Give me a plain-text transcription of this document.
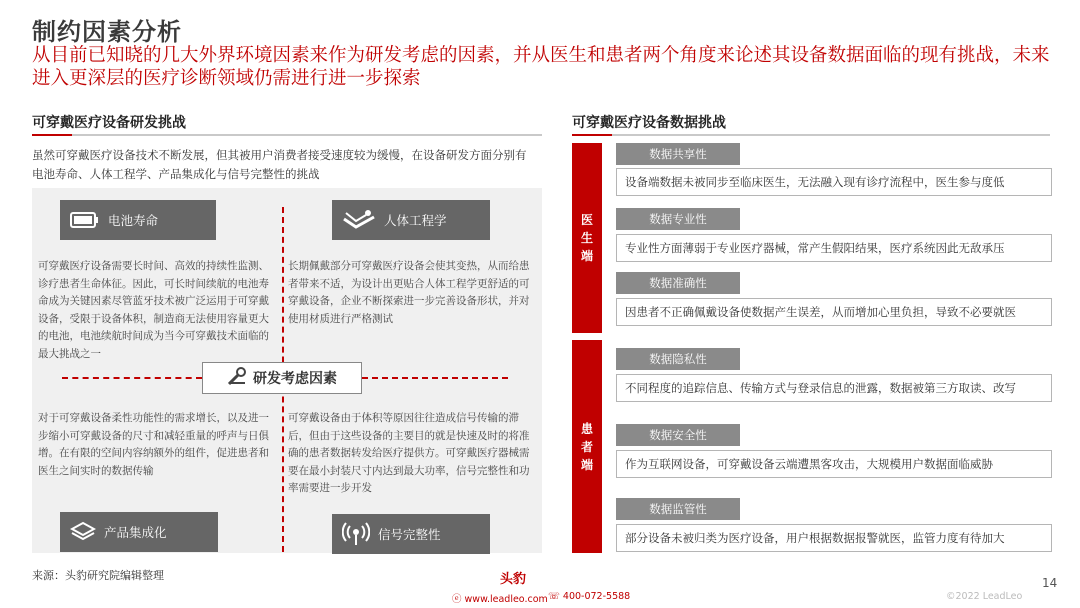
制约因素分析
从目前已知晓的几大外界环境因素来作为研发考虑的因素，并从医生和患者两个角度来论述其设备数据面临的现有挑战，未来进入更深层的医疗诊断领域仍需进行进一步探索
可穿戴医疗设备研发挑战
虽然可穿戴医疗设备技术不断发展，但其被用户消费者接受速度较为缓慢，在设备研发方面分别有电池寿命、人体工程学、产品集成化与信号完整性的挑战
电池寿命	人体工程学
产品集成化	信号完整性
可穿戴医疗设备需要长时间、高效的持续性监测、诊疗患者生命体征。因此，可长时间续航的电池寿命成为关键因素尽管蓝牙技术被广泛运用于可穿戴设备，受限于设备体积，制造商无法使用容量更大的电池，电池续航时间成为当今可穿戴技术面临的最大挑战之一
长期佩戴部分可穿戴医疗设备会使其变热，从而给患者带来不适，为设计出更贴合人体工程学更舒适的可穿戴设备，企业不断探索进一步完善设备形状，并对使用材质进行严格测试
对于可穿戴设备柔性功能性的需求增长，以及进一步缩小可穿戴设备的尺寸和减轻重量的呼声与日俱增。在有限的空间内容纳额外的组件，促进患者和医生之间实时的数据传输
可穿戴设备由于体积等原因往往造成信号传输的滞后，但由于这些设备的主要目的就是快速及时的将准确的患者数据转发给医疗提供方。可穿戴医疗器械需要在最小封装尺寸内达到最大功率，信号完整性和功率需要进一步开发
研发考虑因素
可穿戴医疗设备数据挑战
医
生
端
患
者
端
数据共享性
设备端数据未被同步至临床医生，无法融入现有诊疗流程中，医生参与度低
数据专业性
专业性方面薄弱于专业医疗器械，常产生假阳结果，医疗系统因此无敌承压
数据准确性
因患者不正确佩戴设备使数据产生误差，从而增加心里负担，导致不必要就医
数据隐私性
不同程度的追踪信息、传输方式与登录信息的泄露，数据被第三方取读、改写
数据安全性
作为互联网设备，可穿戴设备云端遭黑客攻击，大规模用户数据面临威胁
数据监管性
部分设备未被归类为医疗设备，用户根据数据报警就医，监管力度有待加大
来源：头豹研究院编辑整理	头豹
ⓔ www.leadleo.com ☏ 400-072-5588	©2022 LeadLeo
14
